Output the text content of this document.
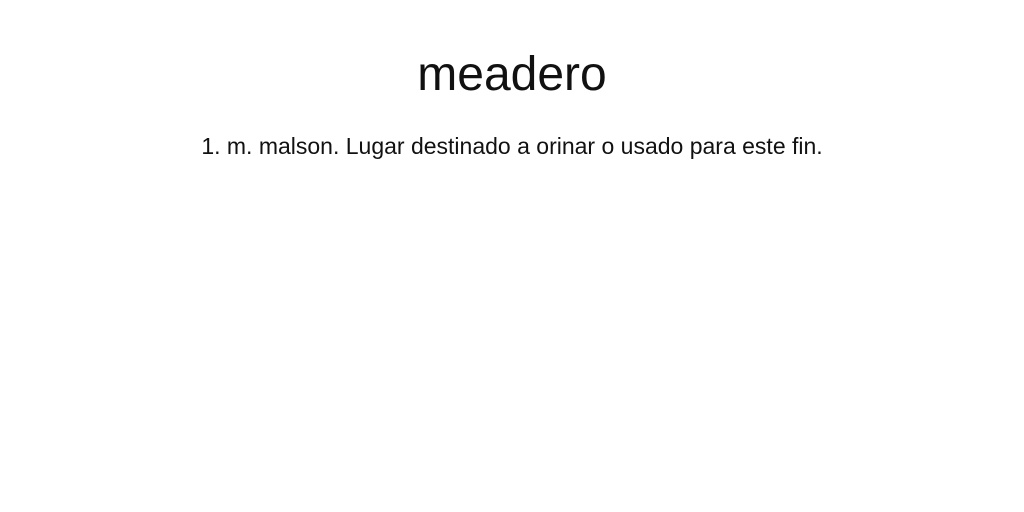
meadero

1. m. malson. Lugar destinado a orinar o usado para este fin.
